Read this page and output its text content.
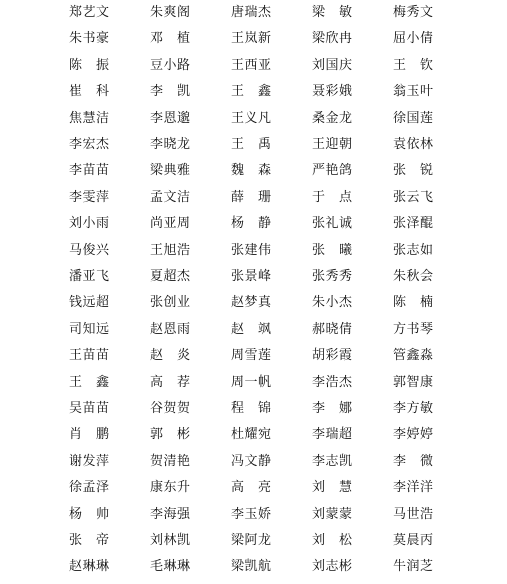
郑艺文	朱爽阁	唐瑞杰	梁 敏	梅秀文
朱书豪	邓 植	王岚新	梁欣冉	屈小倩
陈 振	豆小路	王西亚	刘国庆	王 钦
崔 科	李 凯	王 鑫	聂彩娥	翁玉叶
焦慧洁	李恩邈	王义凡	桑金龙	徐国莲
李宏杰	李晓龙	王 禹	王迎朝	袁依林
李苗苗	梁典雅	魏 森	严艳鸽	张 锐
李雯萍	孟文洁	薛 珊	于 点	张云飞
刘小雨	尚亚周	杨 静	张礼诚	张泽醌
马俊兴	王旭浩	张建伟	张 曦	张志如
潘亚飞	夏超杰	张景峰	张秀秀	朱秋会
钱远超	张创业	赵梦真	朱小杰	陈 楠
司知远	赵恩雨	赵 飒	郝晓倩	方书琴
王苗苗	赵 炎	周雪莲	胡彩霞	管鑫淼
王 鑫	高 荐	周一帆	李浩杰	郭智康
吴苗苗	谷贺贺	程 锦	李 娜	李方敏
肖 鹏	郭 彬	杜耀宛	李瑞超	李婷婷
谢发萍	贺清艳	冯文静	李志凯	李 微
徐孟泽	康东升	高 亮	刘 慧	李洋洋
杨 帅	李海强	李玉娇	刘蒙蒙	马世浩
张 帝	刘林凯	梁阿龙	刘 松	莫晨丙
赵琳琳	毛琳琳	梁凯航	刘志彬	牛润芝
